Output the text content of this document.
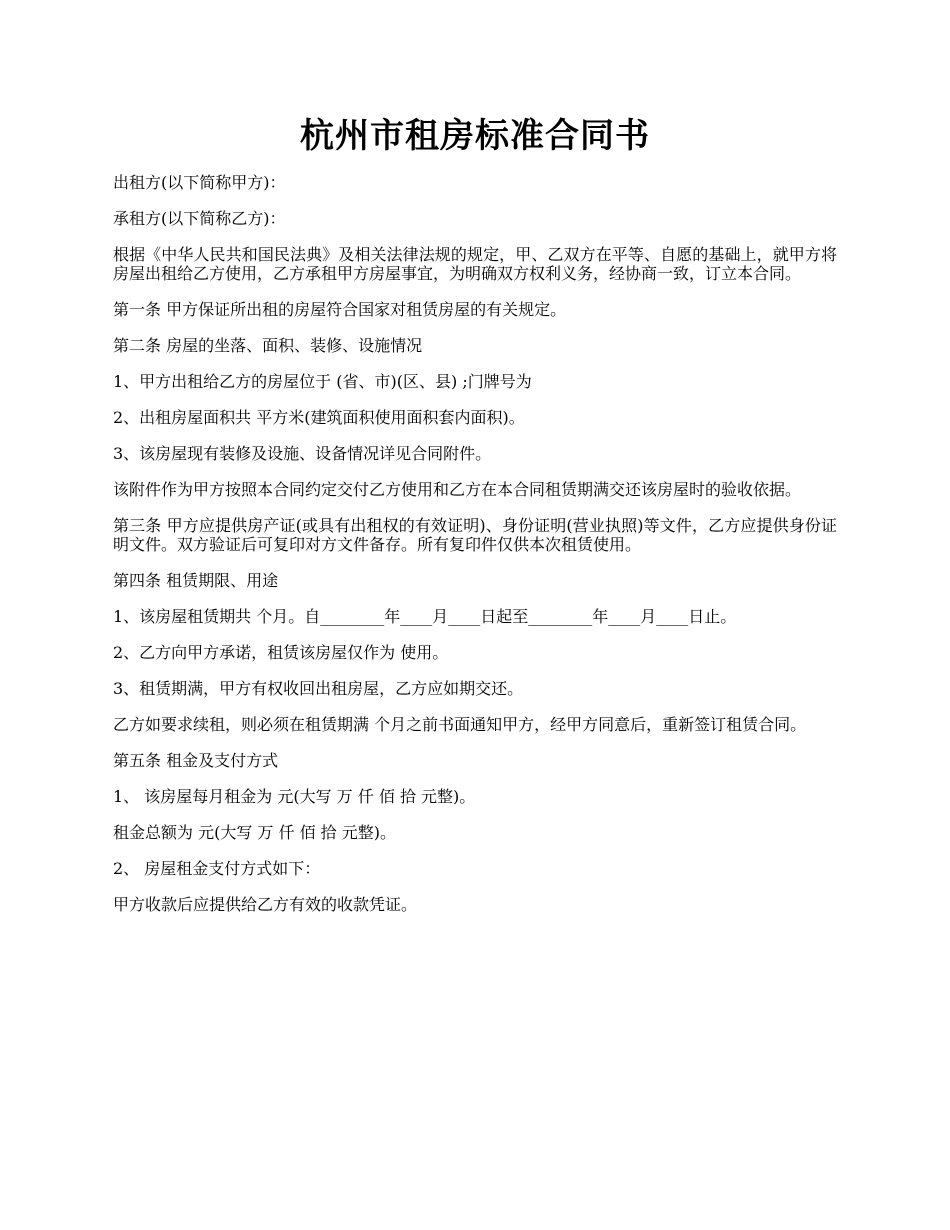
杭州市租房标准合同书

出租方(以下简称甲方)：

承租方(以下简称乙方)：

根据《中华人民共和国民法典》及相关法律法规的规定，甲、乙双方在平等、自愿的基础上，就甲方将房屋出租给乙方使用，乙方承租甲方房屋事宜，为明确双方权利义务，经协商一致，订立本合同。

第一条 甲方保证所出租的房屋符合国家对租赁房屋的有关规定。

第二条 房屋的坐落、面积、装修、设施情况

1、甲方出租给乙方的房屋位于 (省、市)(区、县) ;门牌号为

2、出租房屋面积共 平方米(建筑面积使用面积套内面积)。

3、该房屋现有装修及设施、设备情况详见合同附件。

该附件作为甲方按照本合同约定交付乙方使用和乙方在本合同租赁期满交还该房屋时的验收依据。

第三条 甲方应提供房产证(或具有出租权的有效证明)、身份证明(营业执照)等文件，乙方应提供身份证明文件。双方验证后可复印对方文件备存。所有复印件仅供本次租赁使用。

第四条 租赁期限、用途

1、该房屋租赁期共 个月。自________年____月____日起至________年____月____日止。

2、乙方向甲方承诺，租赁该房屋仅作为 使用。

3、租赁期满，甲方有权收回出租房屋，乙方应如期交还。

乙方如要求续租，则必须在租赁期满 个月之前书面通知甲方，经甲方同意后，重新签订租赁合同。

第五条 租金及支付方式

1、 该房屋每月租金为 元(大写 万 仟 佰 拾 元整)。

租金总额为 元(大写 万 仟 佰 拾 元整)。

2、 房屋租金支付方式如下：

甲方收款后应提供给乙方有效的收款凭证。
